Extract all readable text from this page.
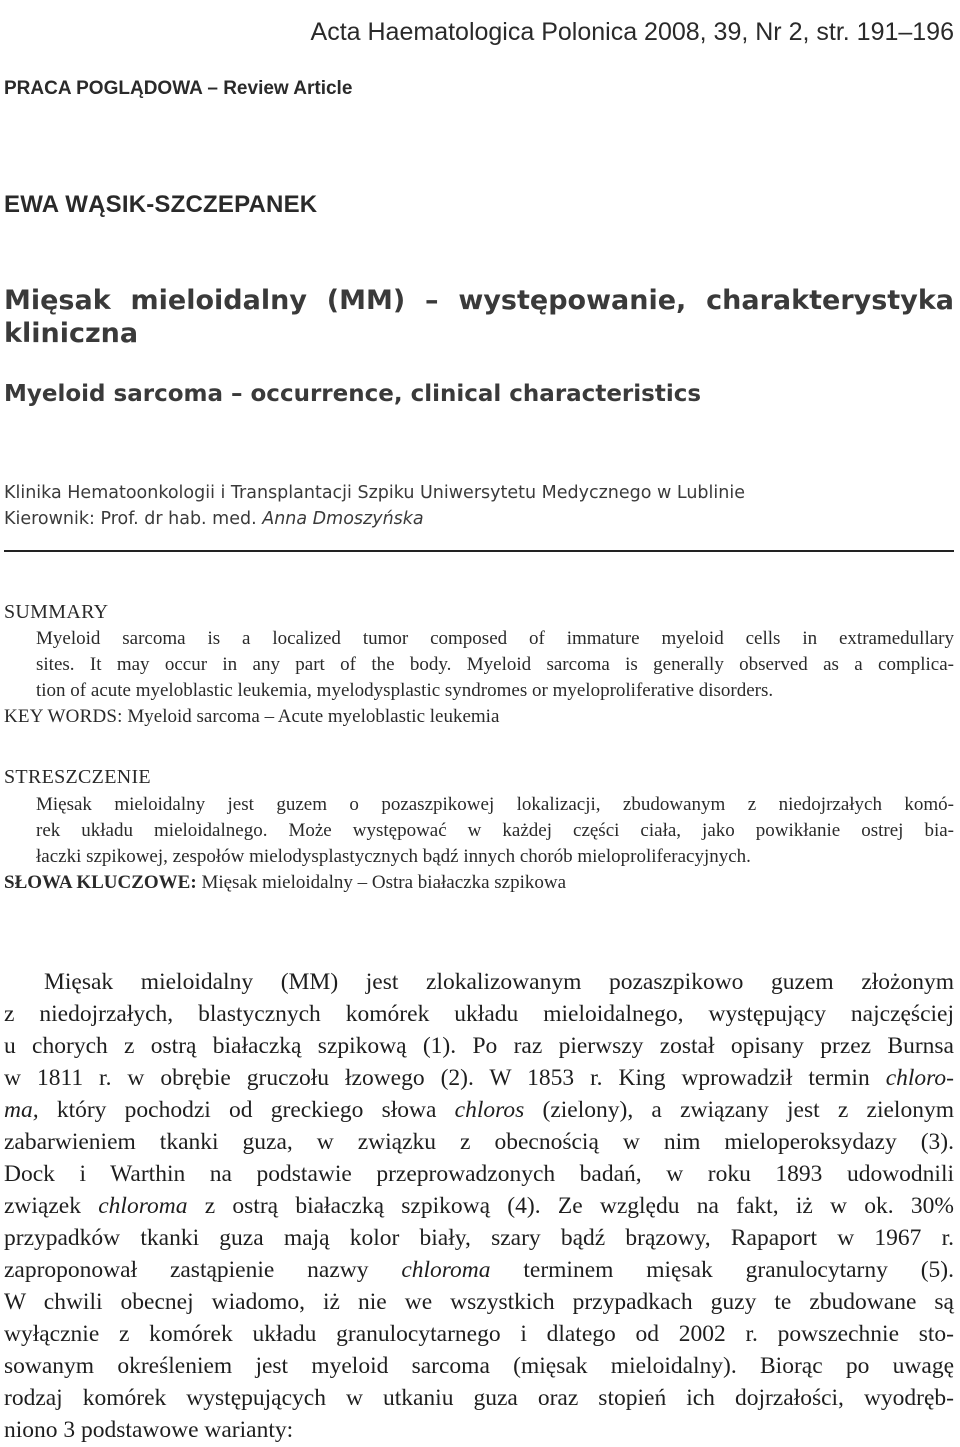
Acta Haematologica Polonica 2008, 39, Nr 2, str. 191–196
PRACA POGLĄDOWA – Review Article
EWA WĄSIK-SZCZEPANEK
Mięsak mieloidalny (MM) – występowanie, charakterystyka
kliniczna
Myeloid sarcoma – occurrence, clinical characteristics
Klinika Hematoonkologii i Transplantacji Szpiku Uniwersytetu Medycznego w Lublinie
Kierownik: Prof. dr hab. med. Anna Dmoszyńska
SUMMARY
Myeloid sarcoma is a localized tumor composed of immature myeloid cells in extramedullary
sites. It may occur in any part of the body. Myeloid sarcoma is generally observed as a complica-
tion of acute myeloblastic leukemia, myelodysplastic syndromes or myeloproliferative disorders.
KEY WORDS: Myeloid sarcoma – Acute myeloblastic leukemia
STRESZCZENIE
Mięsak mieloidalny jest guzem o pozaszpikowej lokalizacji, zbudowanym z niedojrzałych komó-
rek układu mieloidalnego. Może występować w każdej części ciała, jako powikłanie ostrej bia-
łaczki szpikowej, zespołów mielodysplastycznych bądź innych chorób mieloproliferacyjnych.
SŁOWA KLUCZOWE: Mięsak mieloidalny – Ostra białaczka szpikowa
Mięsak mieloidalny (MM) jest zlokalizowanym pozaszpikowo guzem złożonym
z niedojrzałych, blastycznych komórek układu mieloidalnego, występujący najczęściej
u chorych z ostrą białaczką szpikową (1). Po raz pierwszy został opisany przez Burnsa
w 1811 r. w obrębie gruczołu łzowego (2). W 1853 r. King wprowadził termin chloro-
ma, który pochodzi od greckiego słowa chloros (zielony), a związany jest z zielonym
zabarwieniem tkanki guza, w związku z obecnością w nim mieloperoksydazy (3).
Dock i Warthin na podstawie przeprowadzonych badań, w roku 1893 udowodnili
związek chloroma z ostrą białaczką szpikową (4). Ze względu na fakt, iż w ok. 30%
przypadków tkanki guza mają kolor biały, szary bądź brązowy, Rapaport w 1967 r.
zaproponował zastąpienie nazwy chloroma terminem mięsak granulocytarny (5).
W chwili obecnej wiadomo, iż nie we wszystkich przypadkach guzy te zbudowane są
wyłącznie z komórek układu granulocytarnego i dlatego od 2002 r. powszechnie sto-
sowanym określeniem jest myeloid sarcoma (mięsak mieloidalny). Biorąc po uwagę
rodzaj komórek występujących w utkaniu guza oraz stopień ich dojrzałości, wyodręb-
niono 3 podstawowe warianty:
